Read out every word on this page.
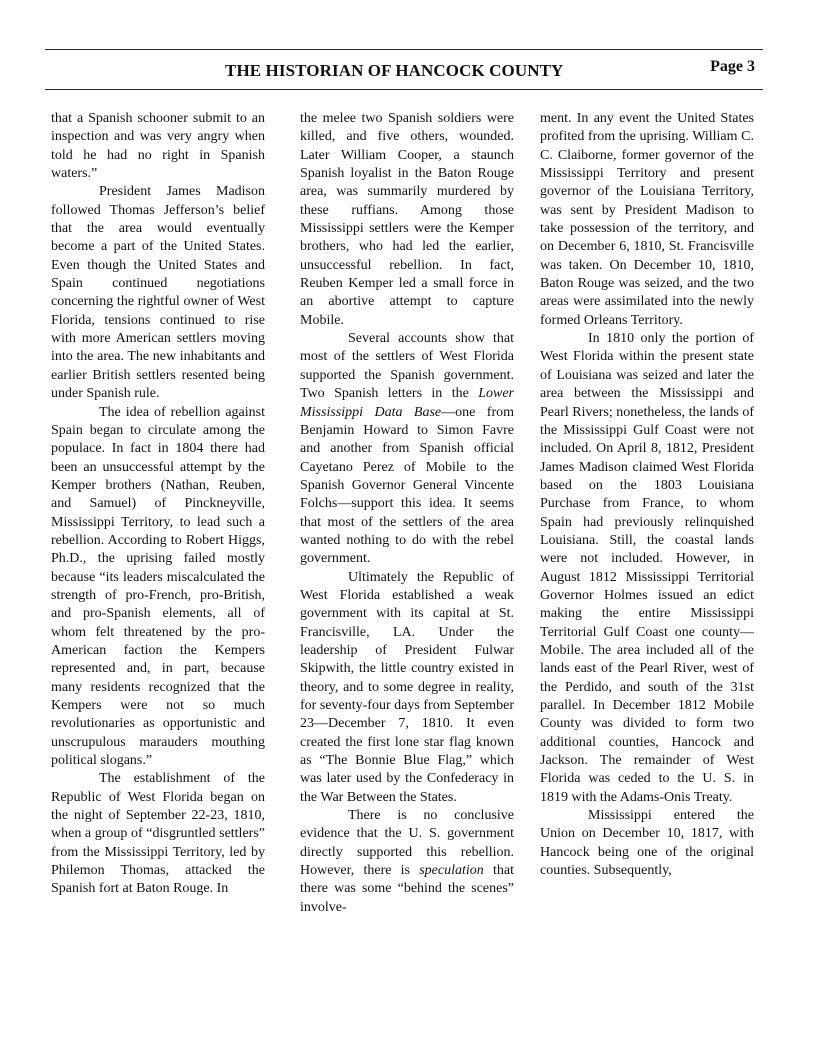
THE HISTORIAN OF HANCOCK COUNTY	Page 3

that a Spanish schooner submit to an inspection and was very angry when told he had no right in Spanish waters.”

President James Madison followed Thomas Jefferson’s belief that the area would eventually become a part of the United States. Even though the United States and Spain continued negotiations concerning the rightful owner of West Florida, tensions continued to rise with more American settlers moving into the area. The new inhabitants and earlier British settlers resented being under Spanish rule.

The idea of rebellion against Spain began to circulate among the populace. In fact in 1804 there had been an unsuccessful attempt by the Kemper brothers (Nathan, Reuben, and Samuel) of Pinckneyville, Mississippi Territory, to lead such a rebellion. According to Robert Higgs, Ph.D., the uprising failed mostly because “its leaders miscalculated the strength of pro-French, pro-British, and pro-Spanish elements, all of whom felt threatened by the pro-American faction the Kempers represented and, in part, because many residents recognized that the Kempers were not so much revolutionaries as opportunistic and unscrupulous marauders mouthing political slogans.”

The establishment of the Republic of West Florida began on the night of September 22-23, 1810, when a group of “disgruntled settlers” from the Mississippi Territory, led by Philemon Thomas, attacked the Spanish fort at Baton Rouge. In

the melee two Spanish soldiers were killed, and five others, wounded. Later William Cooper, a staunch Spanish loyalist in the Baton Rouge area, was summarily murdered by these ruffians. Among those Mississippi settlers were the Kemper brothers, who had led the earlier, unsuccessful rebellion. In fact, Reuben Kemper led a small force in an abortive attempt to capture Mobile.

Several accounts show that most of the settlers of West Florida supported the Spanish government. Two Spanish letters in the Lower Mississippi Data Base—one from Benjamin Howard to Simon Favre and another from Spanish official Cayetano Perez of Mobile to the Spanish Governor General Vincente Folchs—support this idea. It seems that most of the settlers of the area wanted nothing to do with the rebel government.

Ultimately the Republic of West Florida established a weak government with its capital at St. Francisville, LA. Under the leadership of President Fulwar Skipwith, the little country existed in theory, and to some degree in reality, for seventy-four days from September 23—December 7, 1810. It even created the first lone star flag known as “The Bonnie Blue Flag,” which was later used by the Confederacy in the War Between the States.

There is no conclusive evidence that the U. S. government directly supported this rebellion. However, there is speculation that there was some “behind the scenes” involve-

ment. In any event the United States profited from the uprising. William C. C. Claiborne, former governor of the Mississippi Territory and present governor of the Louisiana Territory, was sent by President Madison to take possession of the territory, and on December 6, 1810, St. Francisville was taken. On December 10, 1810, Baton Rouge was seized, and the two areas were assimilated into the newly formed Orleans Territory.

In 1810 only the portion of West Florida within the present state of Louisiana was seized and later the area between the Mississippi and Pearl Rivers; nonetheless, the lands of the Mississippi Gulf Coast were not included. On April 8, 1812, President James Madison claimed West Florida based on the 1803 Louisiana Purchase from France, to whom Spain had previously relinquished Louisiana. Still, the coastal lands were not included. However, in August 1812 Mississippi Territorial Governor Holmes issued an edict making the entire Mississippi Territorial Gulf Coast one county—Mobile. The area included all of the lands east of the Pearl River, west of the Perdido, and south of the 31st parallel. In December 1812 Mobile County was divided to form two additional counties, Hancock and Jackson. The remainder of West Florida was ceded to the U. S. in 1819 with the Adams-Onis Treaty.

Mississippi entered the Union on December 10, 1817, with Hancock being one of the original counties. Subsequently,
